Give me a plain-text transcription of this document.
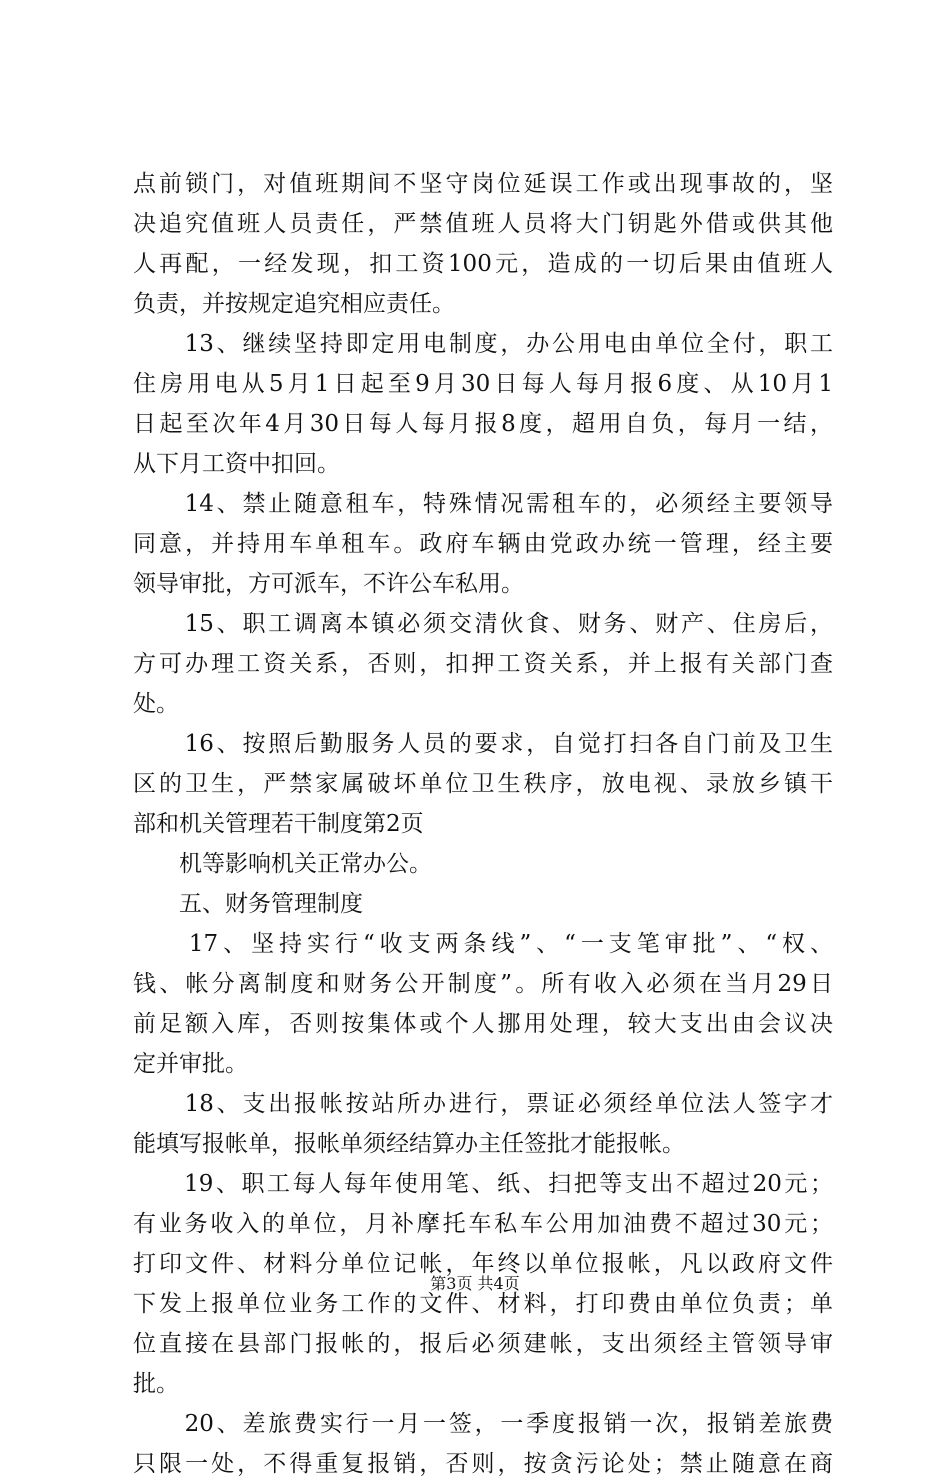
点前锁门，对值班期间不坚守岗位延误工作或出现事故的，坚
决追究值班人员责任，严禁值班人员将大门钥匙外借或供其他
人再配，一经发现，扣工资100元，造成的一切后果由值班人
负责，并按规定追究相应责任。
　　13、继续坚持即定用电制度，办公用电由单位全付，职工
住房用电从5月1日起至9月30日每人每月报6度、从10月1
日起至次年4月30日每人每月报8度，超用自负，每月一结，
从下月工资中扣回。
　　14、禁止随意租车，特殊情况需租车的，必须经主要领导
同意，并持用车单租车。政府车辆由党政办统一管理，经主要
领导审批，方可派车，不许公车私用。
　　15、职工调离本镇必须交清伙食、财务、财产、住房后，
方可办理工资关系，否则，扣押工资关系，并上报有关部门查
处。
　　16、按照后勤服务人员的要求，自觉打扫各自门前及卫生
区的卫生，严禁家属破坏单位卫生秩序，放电视、录放乡镇干
部和机关管理若干制度第2页
　　机等影响机关正常办公。
　　五、财务管理制度
　　17、坚持实行“收支两条线”、“一支笔审批”、“权、
钱、帐分离制度和财务公开制度”。所有收入必须在当月29日
前足额入库，否则按集体或个人挪用处理，较大支出由会议决
定并审批。
　　18、支出报帐按站所办进行，票证必须经单位法人签字才
能填写报帐单，报帐单须经结算办主任签批才能报帐。
　　19、职工每人每年使用笔、纸、扫把等支出不超过20元；
有业务收入的单位，月补摩托车私车公用加油费不超过30元；
打印文件、材料分单位记帐，年终以单位报帐，凡以政府文件
下发上报单位业务工作的文件、材料，打印费由单位负责；单
位直接在县部门报帐的，报后必须建帐，支出须经主管领导审
批。
　　20、差旅费实行一月一签，一季度报销一次，报销差旅费
只限一处，不得重复报销，否则，按贪污论处；禁止随意在商
第3页 共4页
